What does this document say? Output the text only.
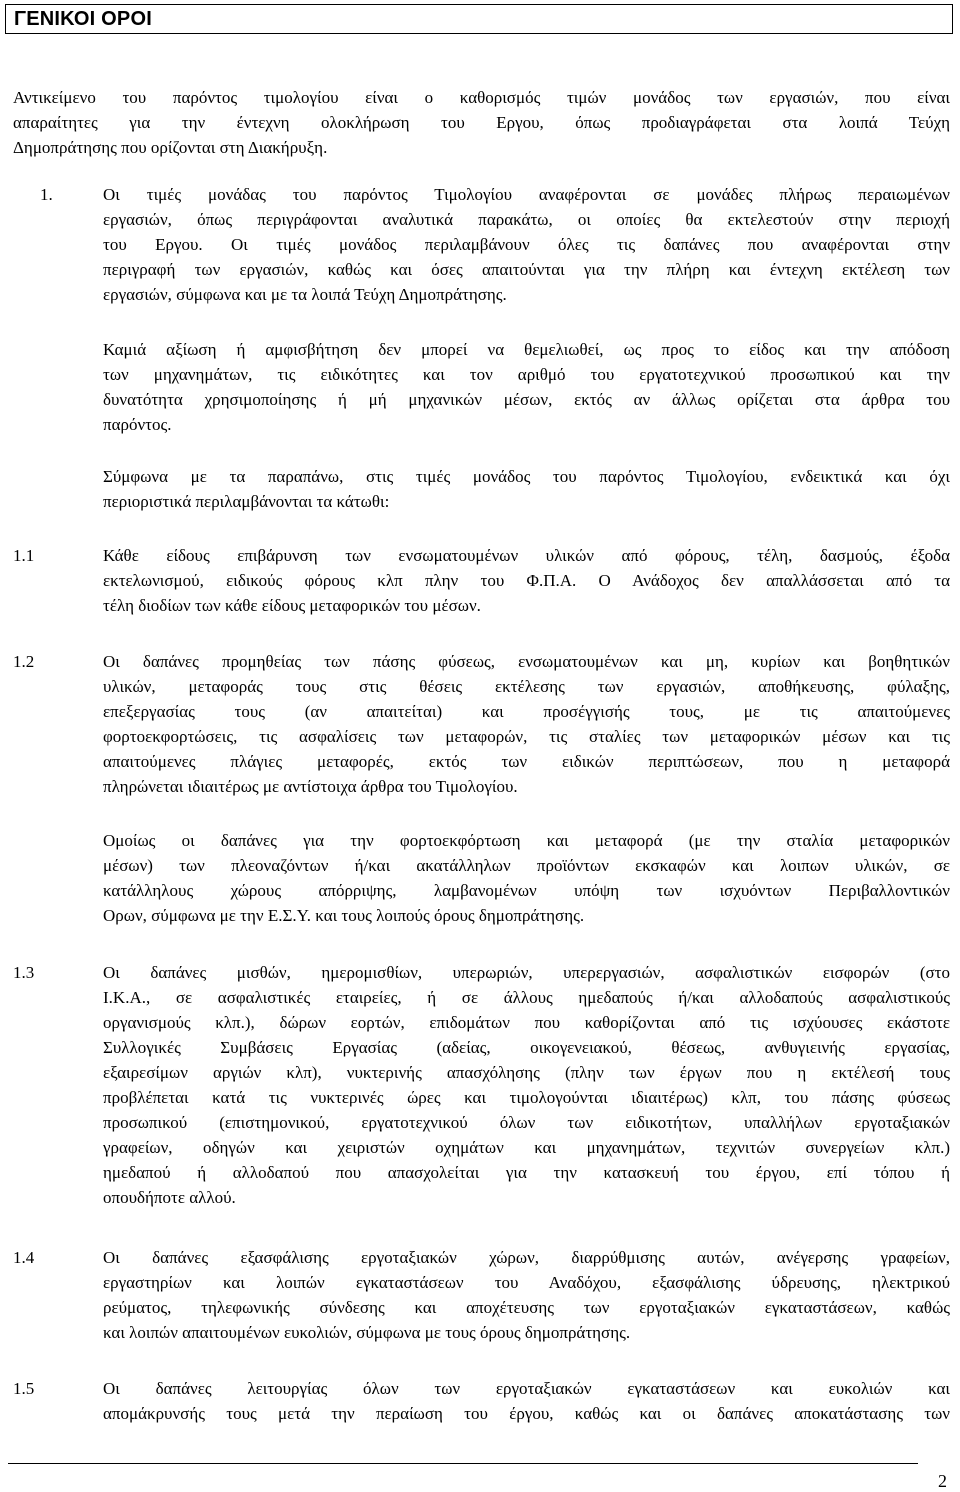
ΓΕΝΙΚΟΙ ΟΡΟΙ
Αντικείμενο του παρόντος τιμολογίου είναι ο καθορισμός τιμών μονάδος των εργασιών, που είναι
απαραίτητες για την έντεχνη ολοκλήρωση του Εργου, όπως προδιαγράφεται στα λοιπά Τεύχη
Δημοπράτησης που ορίζονται στη Διακήρυξη.
1.	Οι τιμές μονάδας του παρόντος Τιμολογίου αναφέρονται σε μονάδες πλήρως περαιωμένων
εργασιών, όπως περιγράφονται αναλυτικά παρακάτω, οι οποίες θα εκτελεστούν στην περιοχή
του Εργου. Οι τιμές μονάδος περιλαμβάνουν όλες τις δαπάνες που αναφέρονται στην
περιγραφή των εργασιών, καθώς και όσες απαιτούνται για την πλήρη και έντεχνη εκτέλεση των
εργασιών, σύμφωνα και με τα λοιπά Τεύχη Δημοπράτησης.
Καμιά αξίωση ή αμφισβήτηση δεν μπορεί να θεμελιωθεί, ως προς το είδος και την απόδοση
των μηχανημάτων, τις ειδικότητες και τον αριθμό του εργατοτεχνικού προσωπικού και την
δυνατότητα χρησιμοποίησης ή μή μηχανικών μέσων, εκτός αν άλλως ορίζεται στα άρθρα του
παρόντος.
Σύμφωνα με τα παραπάνω, στις τιμές μονάδος του παρόντος Τιμολογίου, ενδεικτικά και όχι
περιοριστικά περιλαμβάνονται τα κάτωθι:
1.1	Κάθε είδους επιβάρυνση των ενσωματουμένων υλικών από φόρους, τέλη, δασμούς, έξοδα
εκτελωνισμού, ειδικούς φόρους κλπ πλην του Φ.Π.Α. Ο Ανάδοχος δεν απαλλάσσεται από τα
τέλη διοδίων των κάθε είδους μεταφορικών του μέσων.
1.2	Οι δαπάνες προμηθείας των πάσης φύσεως, ενσωματουμένων και μη, κυρίων και βοηθητικών
υλικών, μεταφοράς τους στις θέσεις εκτέλεσης των εργασιών, αποθήκευσης, φύλαξης,
επεξεργασίας τους (αν απαιτείται) και προσέγγισής τους, με τις απαιτούμενες
φορτοεκφορτώσεις, τις ασφαλίσεις των μεταφορών, τις σταλίες των μεταφορικών μέσων και τις
απαιτούμενες πλάγιες μεταφορές, εκτός των ειδικών περιπτώσεων, που η μεταφορά
πληρώνεται ιδιαιτέρως με αντίστοιχα άρθρα του Τιμολογίου.
Ομοίως οι δαπάνες για την φορτοεκφόρτωση και μεταφορά (με την σταλία μεταφορικών
μέσων) των πλεοναζόντων ή/και ακατάλληλων προϊόντων εκσκαφών και λοιπων υλικών, σε
κατάλληλους χώρους απόρριψης, λαμβανομένων υπόψη των ισχυόντων Περιβαλλοντικών
Ορων, σύμφωνα με την Ε.Σ.Υ. και τους λοιπούς όρους δημοπράτησης.
1.3	Οι δαπάνες μισθών, ημερομισθίων, υπερωριών, υπερεργασιών, ασφαλιστικών εισφορών (στο
Ι.Κ.Α., σε ασφαλιστικές εταιρείες, ή σε άλλους ημεδαπούς ή/και αλλοδαπούς ασφαλιστικούς
οργανισμούς κλπ.), δώρων εορτών, επιδομάτων που καθορίζονται από τις ισχύουσες εκάστοτε
Συλλογικές Συμβάσεις Εργασίας (αδείας, οικογενειακού, θέσεως, ανθυγιεινής εργασίας,
εξαιρεσίμων αργιών κλπ), νυκτερινής απασχόλησης (πλην των έργων που η εκτέλεσή τους
προβλέπεται κατά τις νυκτερινές ώρες και τιμολογούνται ιδιαιτέρως) κλπ, του πάσης φύσεως
προσωπικού (επιστημονικού, εργατοτεχνικού όλων των ειδικοτήτων, υπαλλήλων εργοταξιακών
γραφείων, οδηγών και χειριστών οχημάτων και μηχανημάτων, τεχνιτών συνεργείων κλπ.)
ημεδαπού ή αλλοδαπού που απασχολείται για την κατασκευή του έργου, επί τόπου ή
οπουδήποτε αλλού.
1.4	Οι δαπάνες εξασφάλισης εργοταξιακών χώρων, διαρρύθμισης αυτών, ανέγερσης γραφείων,
εργαστηρίων και λοιπών εγκαταστάσεων του Αναδόχου, εξασφάλισης ύδρευσης, ηλεκτρικού
ρεύματος, τηλεφωνικής σύνδεσης και αποχέτευσης των εργοταξιακών εγκαταστάσεων, καθώς
και λοιπών απαιτουμένων ευκολιών, σύμφωνα με τους όρους δημοπράτησης.
1.5	Οι δαπάνες λειτουργίας όλων των εργοταξιακών εγκαταστάσεων και ευκολιών και
απομάκρυνσής τους μετά την περαίωση του έργου, καθώς και οι δαπάνες αποκατάστασης των
2
